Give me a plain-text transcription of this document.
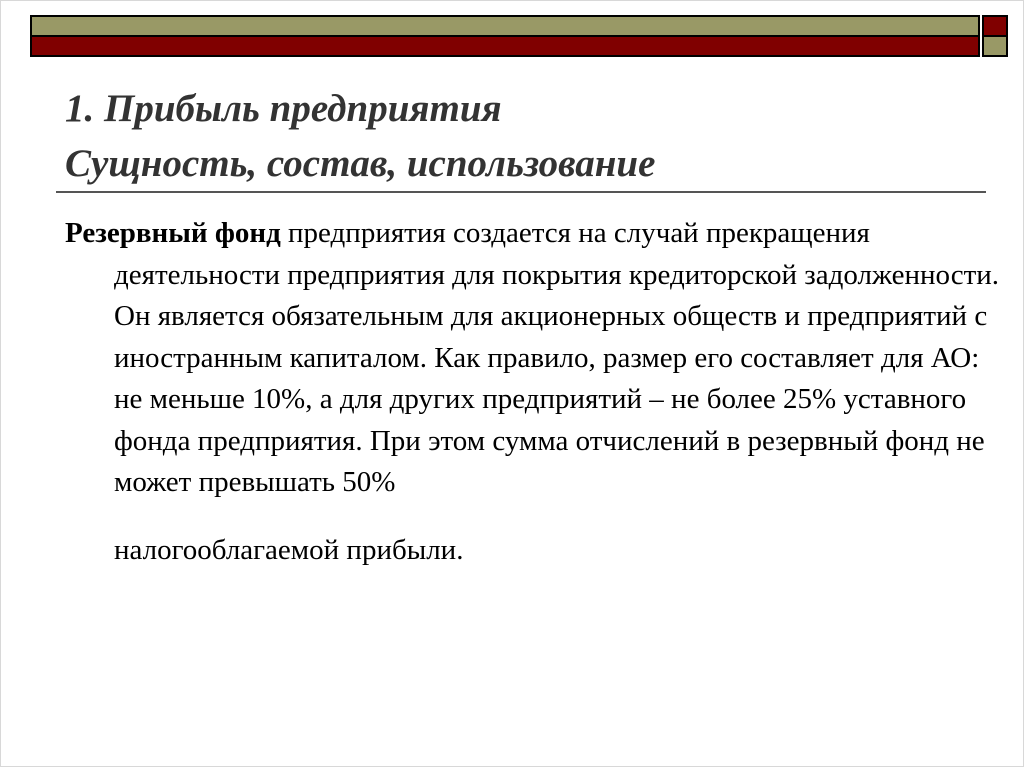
1. Прибыль предприятия
Сущность, состав, использование

Резервный фонд предприятия создается на случай прекращения деятельности предприятия для покрытия кредиторской задолженности. Он является обязательным для акционерных обществ и предприятий с иностранным капиталом. Как правило, размер его составляет для АО: не меньше 10%, а для других предприятий – не более 25% уставного фонда предприятия. При этом сумма отчислений в резервный фонд не может превышать 50%
налогооблагаемой прибыли.
